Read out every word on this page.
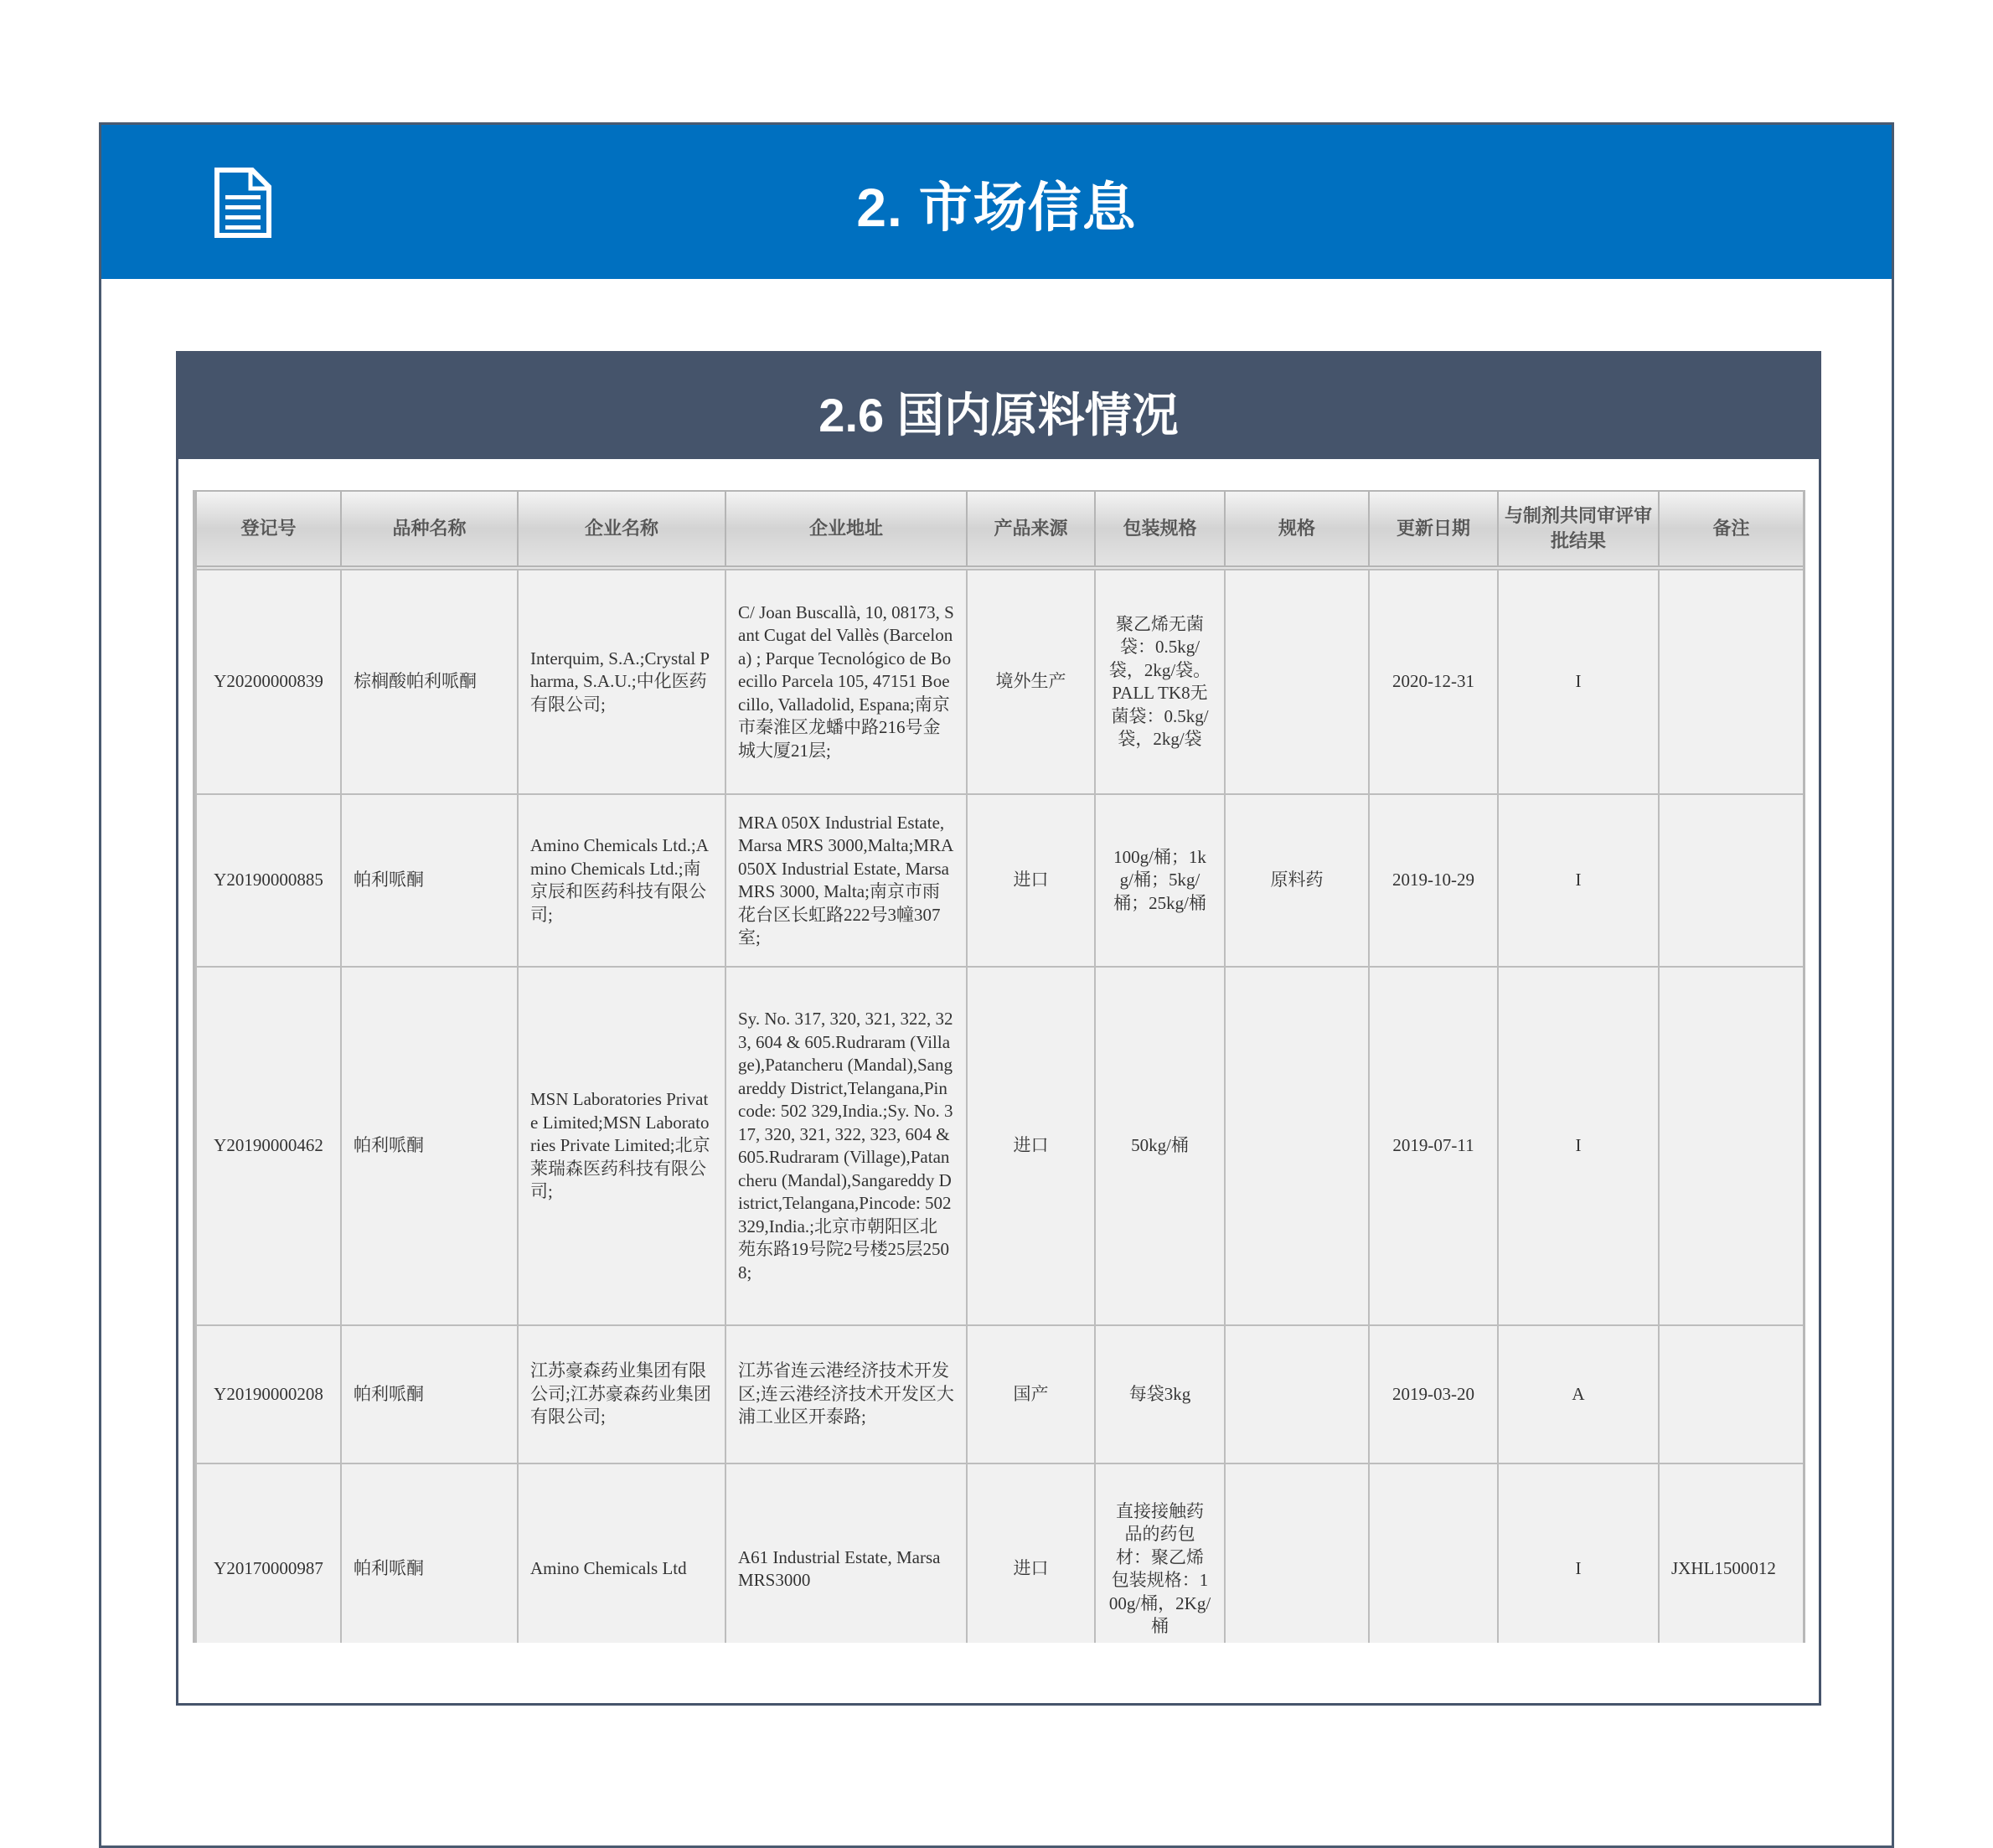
2. 市场信息
2.6 国内原料情况
登记号	品种名称	企业名称	企业地址	产品来源	包装规格	规格	更新日期	与制剂共同审评审批结果	备注

Y20200000839	棕榈酸帕利哌酮	Interquim, S.A.;Crystal Pharma, S.A.U.;中化医药有限公司;	C/ Joan Buscallà, 10, 08173, Sant Cugat del Vallès (Barcelona) ; Parque Tecnológico de Boecillo Parcela 105, 47151 Boecillo, Valladolid, Espana;南京市秦淮区龙蟠中路216号金城大厦21层;	境外生产	聚乙烯无菌袋：0.5kg/袋，2kg/袋。PALL TK8无菌袋：0.5kg/袋，2kg/袋		2020-12-31	I	
Y20190000885	帕利哌酮	Amino Chemicals Ltd.;Amino Chemicals Ltd.;南京辰和医药科技有限公司;	MRA 050X Industrial Estate,Marsa MRS 3000,Malta;MRA 050X Industrial Estate, Marsa MRS 3000, Malta;南京市雨花台区长虹路222号3幢307室;	进口	100g/桶；1kg/桶；5kg/桶；25kg/桶	原料药	2019-10-29	I	
Y20190000462	帕利哌酮	MSN Laboratories Private Limited;MSN Laboratories Private Limited;北京莱瑞森医药科技有限公司;	Sy. No. 317, 320, 321, 322, 323, 604 & 605.Rudraram (Village),Patancheru (Mandal),Sangareddy District,Telangana,Pincode: 502 329,India.;Sy. No. 317, 320, 321, 322, 323, 604 & 605.Rudraram (Village),Patancheru (Mandal),Sangareddy District,Telangana,Pincode: 502 329,India.;北京市朝阳区北苑东路19号院2号楼25层2508;	进口	50kg/桶		2019-07-11	I	
Y20190000208	帕利哌酮	江苏豪森药业集团有限公司;江苏豪森药业集团有限公司;	江苏省连云港经济技术开发区;连云港经济技术开发区大浦工业区开泰路;	国产	每袋3kg		2019-03-20	A	
Y20170000987	帕利哌酮	Amino Chemicals Ltd	A61 Industrial Estate, Marsa MRS3000	进口	直接接触药品的药包材：聚乙烯包装规格：100g/桶，2Kg/桶			I	JXHL1500012
